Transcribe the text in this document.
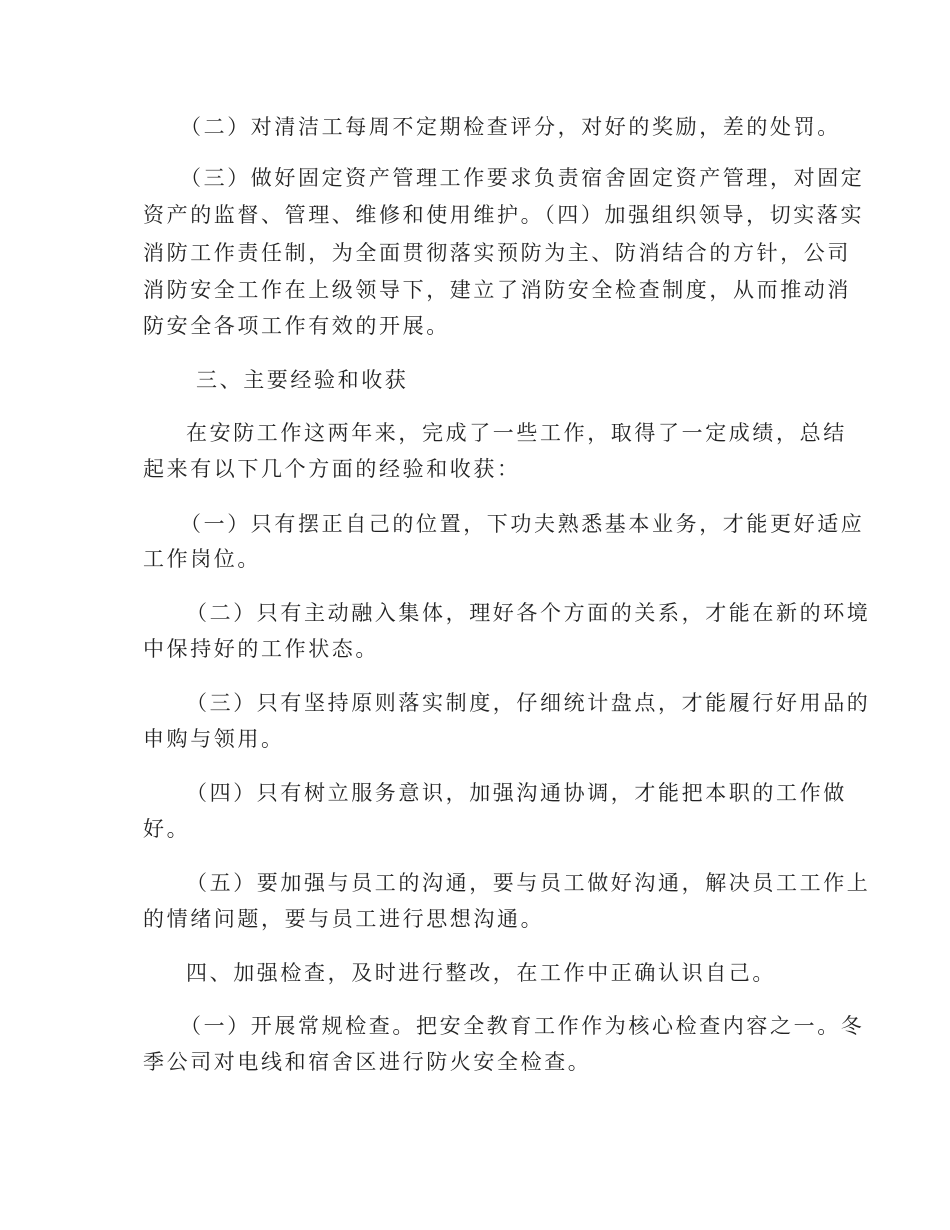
（二）对清洁工每周不定期检查评分，对好的奖励，差的处罚。
（三）做好固定资产管理工作要求负责宿舍固定资产管理，对固定
资产的监督、管理、维修和使用维护。（四）加强组织领导，切实落实
消防工作责任制，为全面贯彻落实预防为主、防消结合的方针，公司
消防安全工作在上级领导下，建立了消防安全检查制度，从而推动消
防安全各项工作有效的开展。
三、主要经验和收获
在安防工作这两年来，完成了一些工作，取得了一定成绩，总结
起来有以下几个方面的经验和收获：
（一）只有摆正自己的位置，下功夫熟悉基本业务，才能更好适应
工作岗位。
（二）只有主动融入集体，理好各个方面的关系，才能在新的环境
中保持好的工作状态。
（三）只有坚持原则落实制度，仔细统计盘点，才能履行好用品的
申购与领用。
（四）只有树立服务意识，加强沟通协调，才能把本职的工作做
好。
（五）要加强与员工的沟通，要与员工做好沟通，解决员工工作上
的情绪问题，要与员工进行思想沟通。
四、加强检查，及时进行整改，在工作中正确认识自己。
（一）开展常规检查。把安全教育工作作为核心检查内容之一。冬
季公司对电线和宿舍区进行防火安全检查。
